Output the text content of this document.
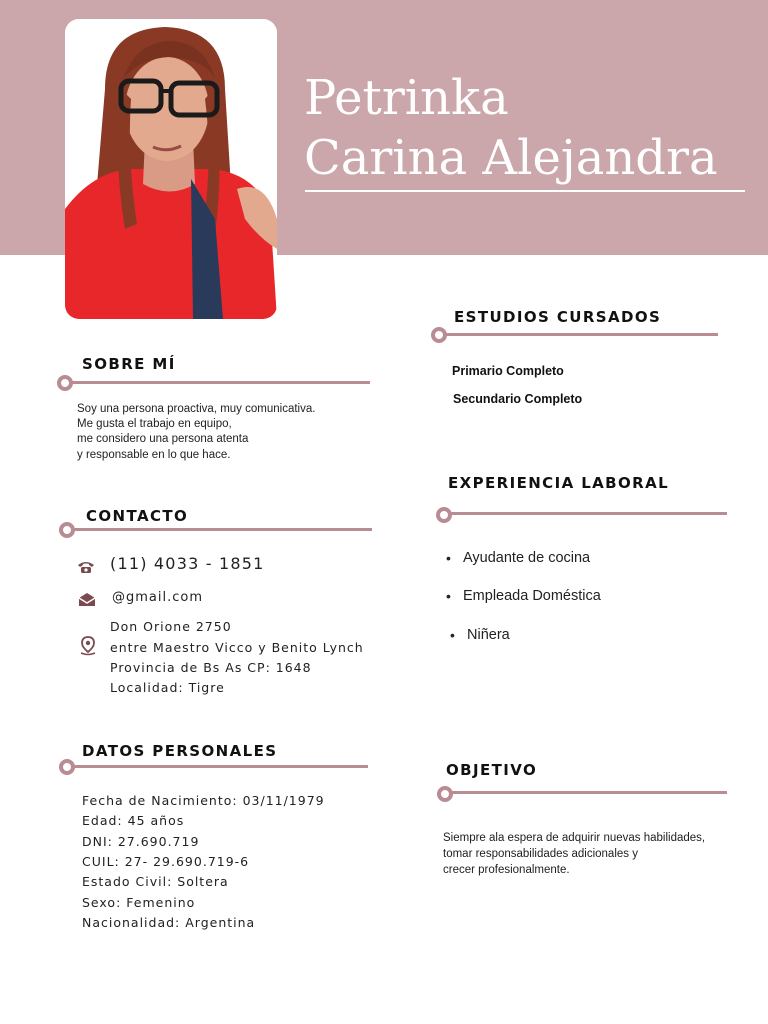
Petrinka
Carina Alejandra
SOBRE MÍ
Soy una persona proactiva, muy comunicativa.
Me gusta el trabajo en equipo,
me considero una persona atenta
y responsable en lo que hace.
CONTACTO
(11) 4033 - 1851
@gmail.com
Don Orione 2750
entre Maestro Vicco y Benito Lynch
Provincia de Bs As CP: 1648
Localidad: Tigre
DATOS PERSONALES
Fecha de Nacimiento: 03/11/1979
Edad: 45 años
DNI: 27.690.719
CUIL: 27- 29.690.719-6
Estado Civil: Soltera
Sexo: Femenino
Nacionalidad: Argentina
ESTUDIOS CURSADOS
Primario Completo
Secundario Completo
EXPERIENCIA LABORAL
• Ayudante de cocina
• Empleada Doméstica
• Niñera
OBJETIVO
Siempre ala espera de adquirir nuevas habilidades,
tomar responsabilidades adicionales y
crecer profesionalmente.
